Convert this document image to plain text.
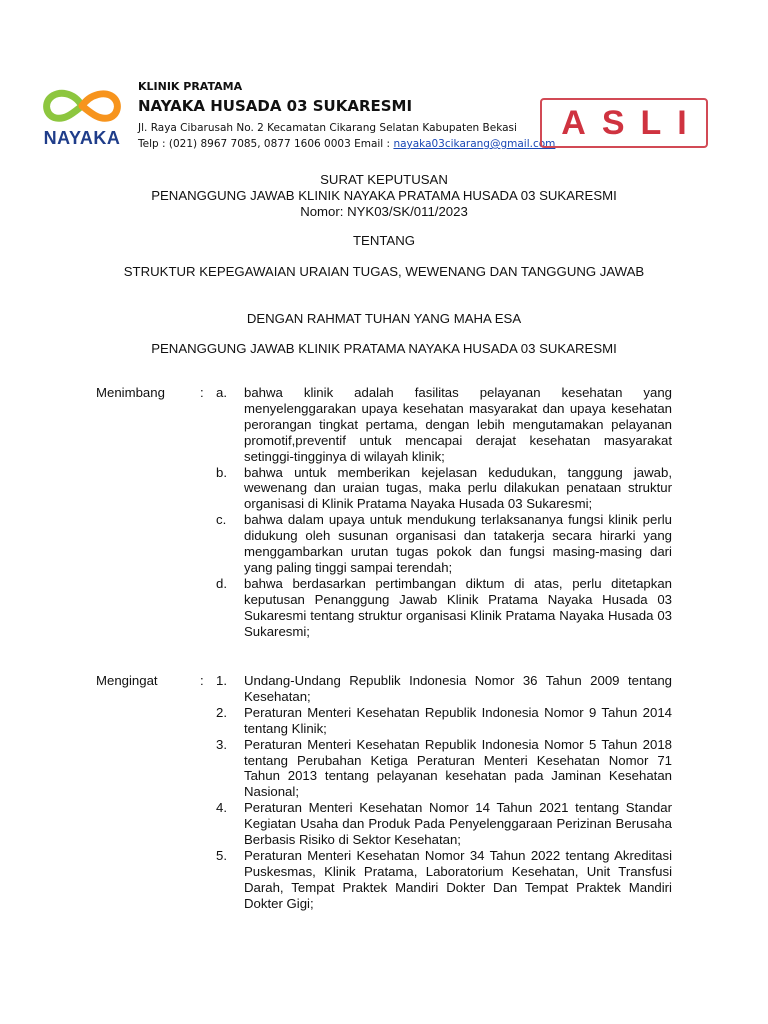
NAYAKA
KLINIK PRATAMA
NAYAKA HUSADA 03 SUKARESMI
Jl. Raya Cibarusah No. 2 Kecamatan Cikarang Selatan Kabupaten Bekasi
Telp : (021) 8967 7085, 0877 1606 0003 Email : nayaka03cikarang@gmail.com
ASLI
SURAT KEPUTUSAN
PENANGGUNG JAWAB KLINIK NAYAKA PRATAMA HUSADA 03 SUKARESMI
Nomor: NYK03/SK/011/2023
TENTANG
STRUKTUR KEPEGAWAIAN URAIAN TUGAS, WEWENANG DAN TANGGUNG JAWAB
DENGAN RAHMAT TUHAN YANG MAHA ESA
PENANGGUNG JAWAB KLINIK PRATAMA NAYAKA HUSADA 03 SUKARESMI
Menimbang	: a.	bahwa klinik adalah fasilitas pelayanan kesehatan yang menyelenggarakan upaya kesehatan masyarakat dan upaya kesehatan perorangan tingkat pertama, dengan lebih mengutamakan pelayanan promotif,preventif untuk mencapai derajat kesehatan masyarakat setinggi-tingginya di wilayah klinik;
b.	bahwa untuk memberikan kejelasan kedudukan, tanggung jawab, wewenang dan uraian tugas, maka perlu dilakukan penataan struktur organisasi di Klinik Pratama Nayaka Husada 03 Sukaresmi;
c.	bahwa dalam upaya untuk mendukung terlaksananya fungsi klinik perlu didukung oleh susunan organisasi dan tatakerja secara hirarki yang menggambarkan urutan tugas pokok dan fungsi masing-masing dari yang paling tinggi sampai terendah;
d.	bahwa berdasarkan pertimbangan diktum di atas, perlu ditetapkan keputusan Penanggung Jawab Klinik Pratama Nayaka Husada 03 Sukaresmi tentang struktur organisasi Klinik Pratama Nayaka Husada 03 Sukaresmi;
Mengingat	: 1.	Undang-Undang Republik Indonesia Nomor 36 Tahun 2009 tentang Kesehatan;
2.	Peraturan Menteri Kesehatan Republik Indonesia Nomor 9 Tahun 2014 tentang Klinik;
3.	Peraturan Menteri Kesehatan Republik Indonesia Nomor 5 Tahun 2018 tentang Perubahan Ketiga Peraturan Menteri Kesehatan Nomor 71 Tahun 2013 tentang pelayanan kesehatan pada Jaminan Kesehatan Nasional;
4.	Peraturan Menteri Kesehatan Nomor 14 Tahun 2021 tentang Standar Kegiatan Usaha dan Produk Pada Penyelenggaraan Perizinan Berusaha Berbasis Risiko di Sektor Kesehatan;
5.	Peraturan Menteri Kesehatan Nomor 34 Tahun 2022 tentang Akreditasi Puskesmas, Klinik Pratama, Laboratorium Kesehatan, Unit Transfusi Darah, Tempat Praktek Mandiri Dokter Dan Tempat Praktek Mandiri Dokter Gigi;
